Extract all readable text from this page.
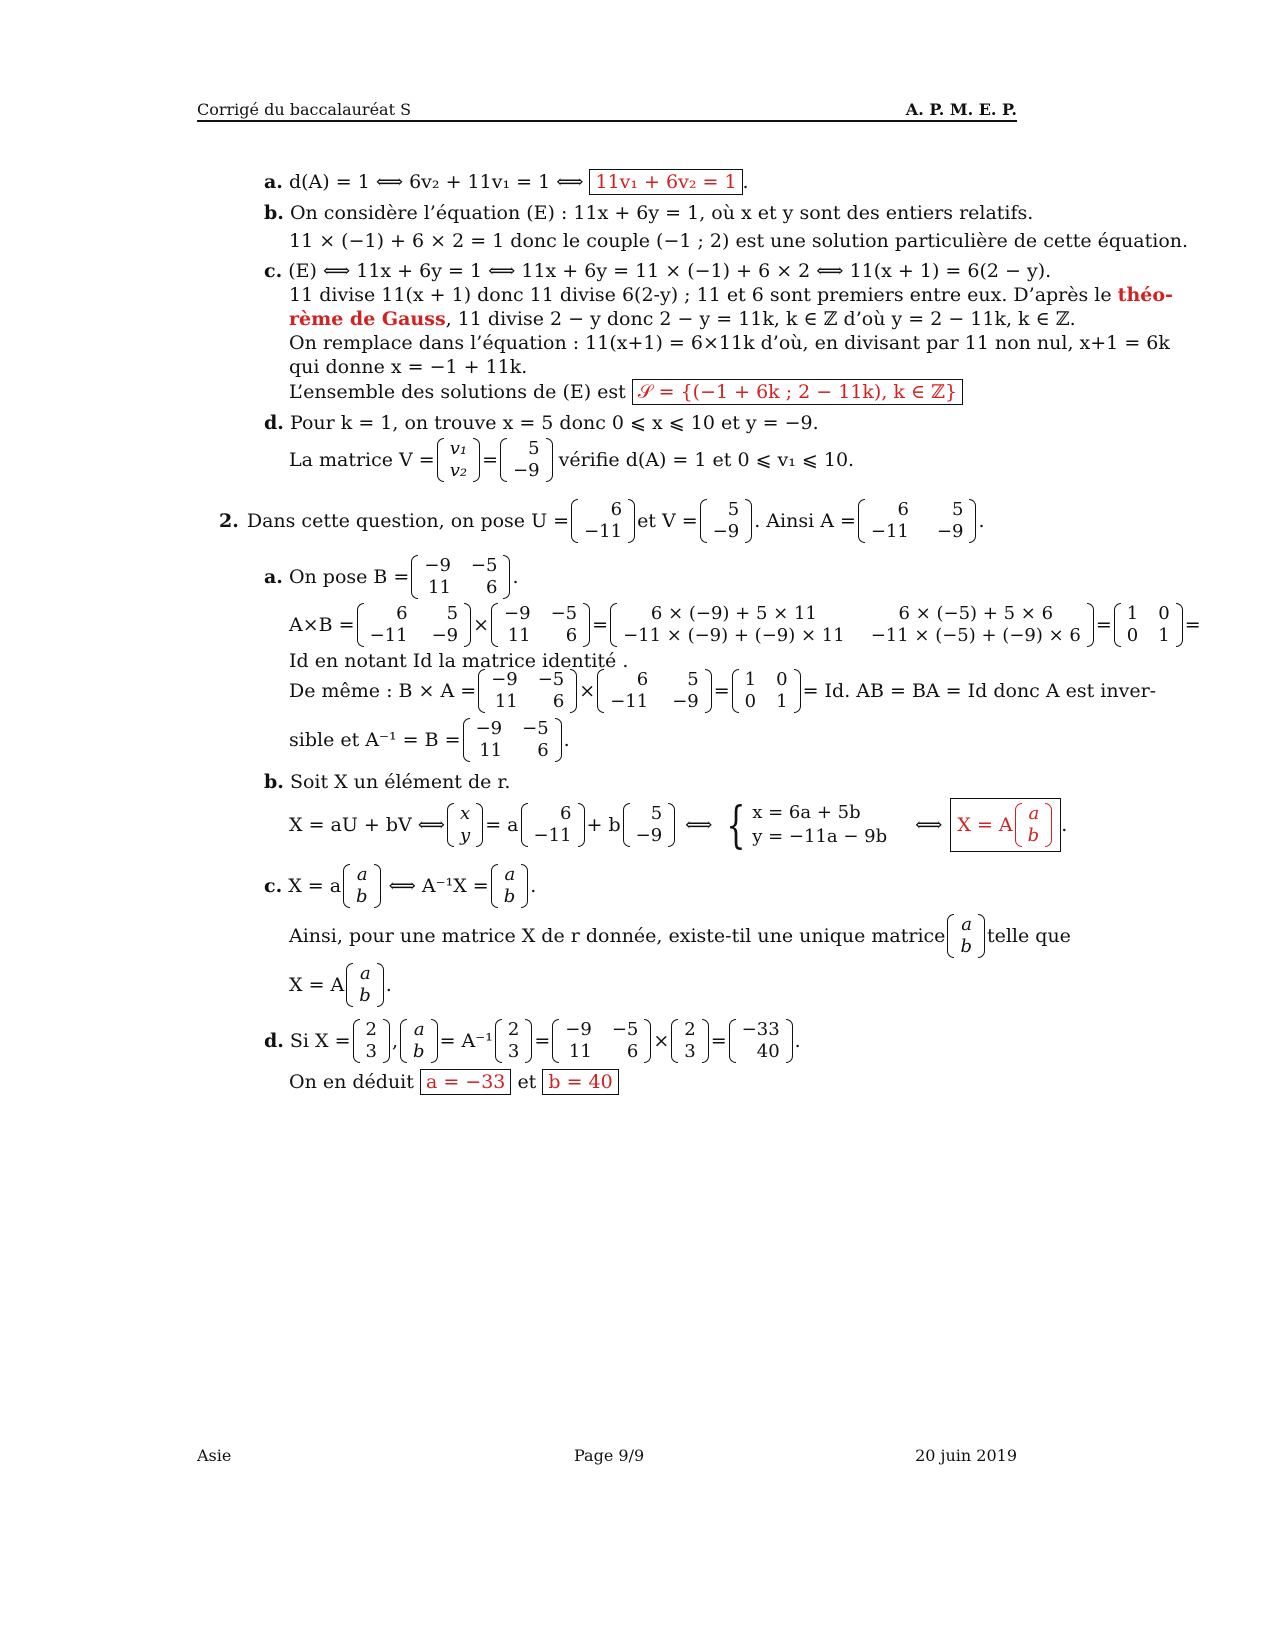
Corrigé du baccalauréat S	A. P. M. E. P.
a. d(A) = 1 ⟺ 6v₂ + 11v₁ = 1 ⟺ 11v₁ + 6v₂ = 1 .
b. On considère l’équation (E) : 11x + 6y = 1, où x et y sont des entiers relatifs.
11 × (−1) + 6 × 2 = 1 donc le couple (−1 ; 2) est une solution particulière de cette équation.
c. (E) ⟺ 11x + 6y = 1 ⟺ 11x + 6y = 11 × (−1) + 6 × 2 ⟺ 11(x + 1) = 6(2 − y).
11 divise 11(x + 1) donc 11 divise 6(2-y) ; 11 et 6 sont premiers entre eux. D’après le théo-
rème de Gauss, 11 divise 2 − y donc 2 − y = 11k, k ∈ ℤ d’où y = 2 − 11k, k ∈ ℤ.
On remplace dans l’équation : 11(x+1) = 6×11k d’où, en divisant par 11 non nul, x+1 = 6k
qui donne x = −1 + 11k.
L’ensemble des solutions de (E) est 𝒮 = {(−1 + 6k ; 2 − 11k), k ∈ ℤ}
d. Pour k = 1, on trouve x = 5 donc 0 ⩽ x ⩽ 10 et y = −9.
La matrice V =
v₁
v₂ =
5
−9 vérifie d(A) = 1 et 0 ⩽ v₁ ⩽ 10.
2. Dans cette question, on pose U =
6
−11 et V =
5
−9 . Ainsi A =
6	5
−11	−9 .
a. On pose B =
−9	−5
11	6 .
A×B =
6	5
−11	−9 ×
−9	−5
11	6 =
6 × (−9) + 5 × 11	6 × (−5) + 5 × 6
−11 × (−9) + (−9) × 11	−11 × (−5) + (−9) × 6 =
1	0
0	1 =
Id en notant Id la matrice identité .
De même : B × A =
−9	−5
11	6 ×
6	5
−11	−9 =
1	0
0	1 = Id. AB = BA = Id donc A est inver-
sible et A⁻¹ = B =
−9	−5
11	6 .
b. Soit X un élément de r.
X = aU + bV ⟺
x
y = a
6
−11 + b
5
−9 ⟺ { x = 6a + 5b
y = −11a − 9b
⟺ X = A
a
b .
c. X = a
a
b ⟺ A⁻¹X =
a
b .
Ainsi, pour une matrice X de r donnée, existe-til une unique matrice
a
b telle que
X = A
a
b .
d. Si X =
2
3 ,
a
b = A⁻¹
2
3 =
−9	−5
11	6 ×
2
3 =
−33
40 .
On en déduit a = −33 et b = 40
Asie	Page 9/9	20 juin 2019
